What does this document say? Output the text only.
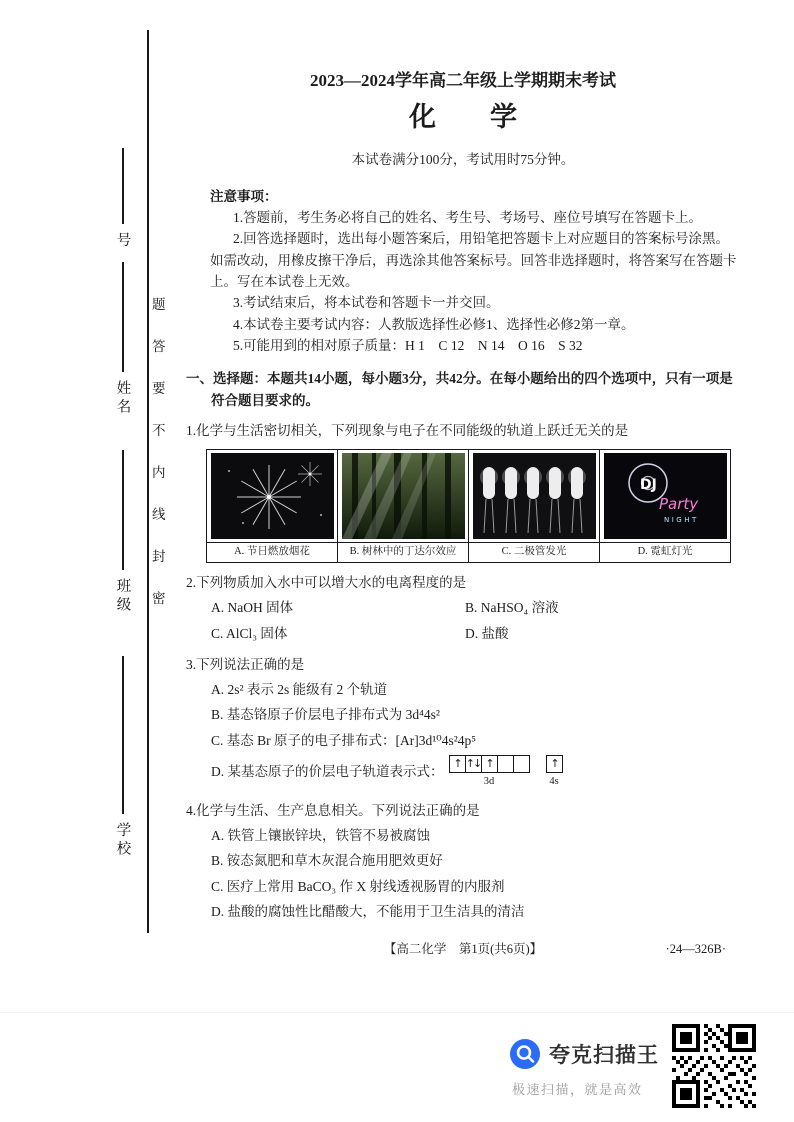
号
姓名
班级
学校
题
答
要
不
内
线
封
密
2023—2024学年高二年级上学期期末考试
化　　学
本试卷满分100分，考试用时75分钟。

注意事项：

1.答题前，考生务必将自己的姓名、考生号、考场号、座位号填写在答题卡上。

2.回答选择题时，选出每小题答案后，用铅笔把答题卡上对应题目的答案标号涂黑。如需改动，用橡皮擦干净后，再选涂其他答案标号。回答非选择题时，将答案写在答题卡上。写在本试卷上无效。

3.考试结束后，将本试卷和答题卡一并交回。

4.本试卷主要考试内容：人教版选择性必修1、选择性必修2第一章。

5.可能用到的相对原子质量：H 1　C 12　N 14　O 16　S 32

一、选择题：本题共14小题，每小题3分，共42分。在每小题给出的四个选项中，只有一项是符合题目要求的。

1.化学与生活密切相关，下列现象与电子在不同能级的轨道上跃迁无关的是

DJ
Party
NIGHT

A. 节日燃放烟花	B. 树林中的丁达尔效应	C. 二极管发光	D. 霓虹灯光

2.下列物质加入水中可以增大水的电离程度的是

A. NaOH 固体	B. NaHSO₄ 溶液
C. AlCl₃ 固体	D. 盐酸

3.下列说法正确的是

A. 2s² 表示 2s 能级有 2 个轨道
B. 基态铬原子价层电子排布式为 3d⁴4s²
C. 基态 Br 原子的电子排布式：[Ar]3d¹⁰4s²4p⁵
D. 某基态原子的价层电子轨道表示式：
↑ ↑↓ ↑
3d
↑
4s

4.化学与生活、生产息息相关。下列说法正确的是

A. 铁管上镶嵌锌块，铁管不易被腐蚀
B. 铵态氮肥和草木灰混合施用肥效更好
C. 医疗上常用 BaCO₃ 作 X 射线透视肠胃的内服剂
D. 盐酸的腐蚀性比醋酸大，不能用于卫生洁具的清洁
【高二化学　第1页(共6页)】	·24—326B·
夸克扫描王
极速扫描，就是高效
